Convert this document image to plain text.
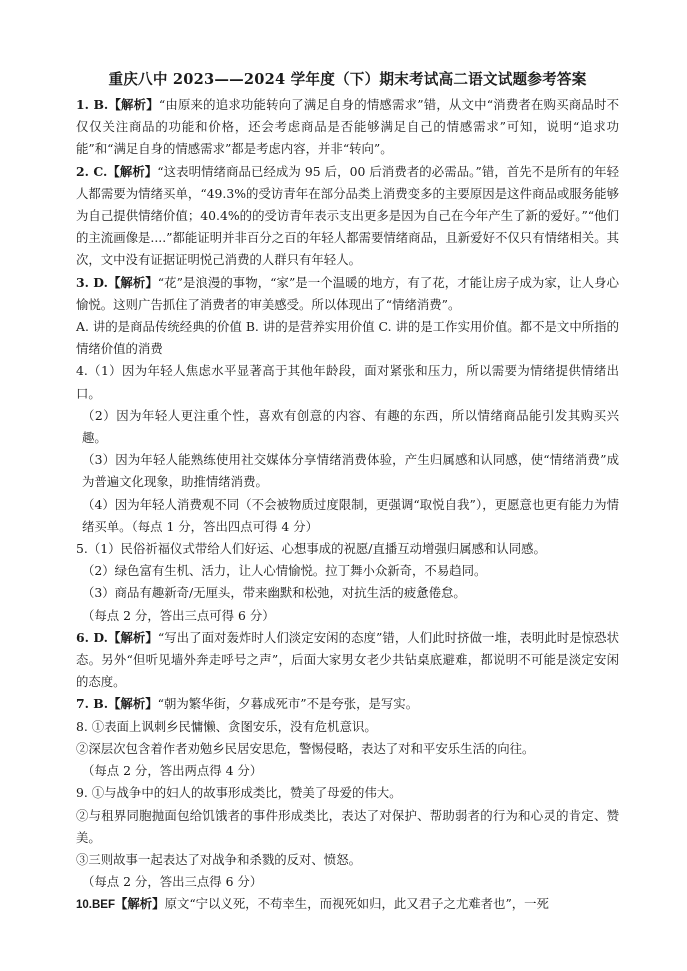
重庆八中 2023——2024 学年度（下）期末考试高二语文试题参考答案

1. B.【解析】“由原来的追求功能转向了满足自身的情感需求”错，从文中“消费者在购买商品时不仅仅关注商品的功能和价格，还会考虑商品是否能够满足自己的情感需求”可知，说明“追求功能”和“满足自身的情感需求”都是考虑内容，并非“转向”。

2. C.【解析】“这表明情绪商品已经成为 95 后，00 后消费者的必需品。”错，首先不是所有的年轻人都需要为情绪买单，“49.3%的受访青年在部分品类上消费变多的主要原因是这件商品或服务能够为自己提供情绪价值；40.4%的的受访青年表示支出更多是因为自己在今年产生了新的爱好。”“他们的主流画像是....”都能证明并非百分之百的年轻人都需要情绪商品，且新爱好不仅只有情绪相关。其次，文中没有证据证明悦己消费的人群只有年轻人。

3. D.【解析】“花”是浪漫的事物，“家”是一个温暖的地方，有了花，才能让房子成为家，让人身心愉悦。这则广告抓住了消费者的审美感受。所以体现出了“情绪消费”。

A. 讲的是商品传统经典的价值 B. 讲的是营养实用价值 C. 讲的是工作实用价值。都不是文中所指的情绪价值的消费

4.（1）因为年轻人焦虑水平显著高于其他年龄段，面对紧张和压力，所以需要为情绪提供情绪出口。

（2）因为年轻人更注重个性，喜欢有创意的内容、有趣的东西，所以情绪商品能引发其购买兴趣。

（3）因为年轻人能熟练使用社交媒体分享情绪消费体验，产生归属感和认同感，使“情绪消费”成为普遍文化现象，助推情绪消费。

（4）因为年轻人消费观不同（不会被物质过度限制，更强调“取悦自我”），更愿意也更有能力为情绪买单。（每点 1 分，答出四点可得 4 分）

5.（1）民俗祈福仪式带给人们好运、心想事成的祝愿/直播互动增强归属感和认同感。

（2）绿色富有生机、活力，让人心情愉悦。拉丁舞小众新奇，不易趋同。

（3）商品有趣新奇/无厘头，带来幽默和松弛，对抗生活的疲惫倦怠。

（每点 2 分，答出三点可得 6 分）

6. D.【解析】“写出了面对轰炸时人们淡定安闲的态度”错，人们此时挤做一堆，表明此时是惊恐状态。另外“但听见墙外奔走呼号之声”，后面大家男女老少共钻桌底避难，都说明不可能是淡定安闲的态度。

7. B.【解析】“朝为繁华街，夕暮成死市”不是夸张，是写实。

8. ①表面上讽刺乡民慵懒、贪图安乐，没有危机意识。

②深层次包含着作者劝勉乡民居安思危，警惕侵略，表达了对和平安乐生活的向往。

（每点 2 分，答出两点得 4 分）

9. ①与战争中的妇人的故事形成类比，赞美了母爱的伟大。

②与租界同胞抛面包给饥饿者的事件形成类比，表达了对保护、帮助弱者的行为和心灵的肯定、赞美。

③三则故事一起表达了对战争和杀戮的反对、愤怒。

（每点 2 分，答出三点得 6 分）

10.BEF【解析】原文“宁以义死，不苟幸生，而视死如归，此又君子之尤难者也”，一死
